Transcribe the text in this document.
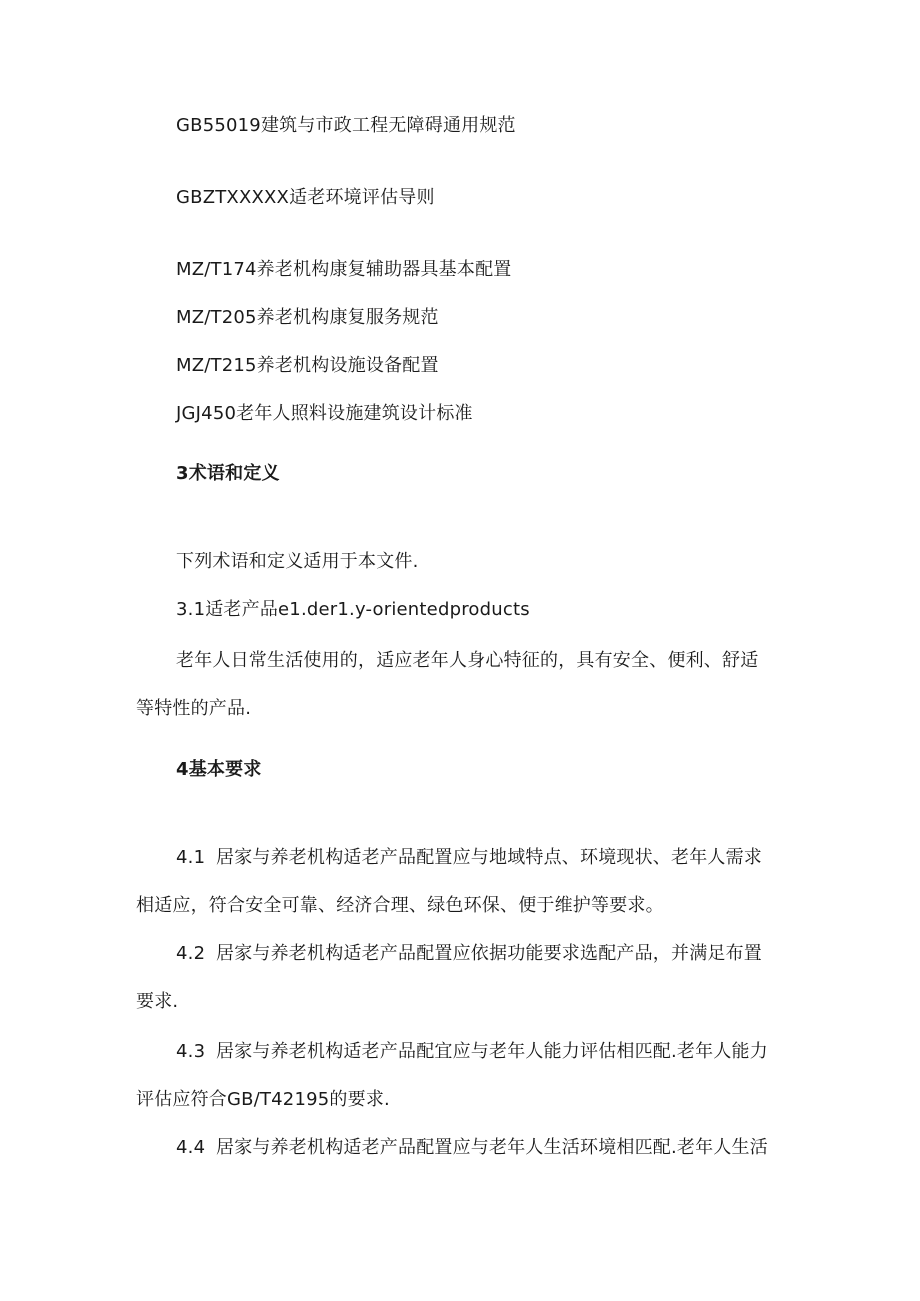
GB55019建筑与市政工程无障碍通用规范
GBZTXXXXX适老环境评估导则
MZ/T174养老机构康复辅助器具基本配置
MZ/T205养老机构康复服务规范
MZ/T215养老机构设施设备配置
JGJ450老年人照料设施建筑设计标准
3术语和定义
下列术语和定义适用于本文件.
3.1适老产品e1.der1.y-orientedproducts
老年人日常生活使用的，适应老年人身心特征的，具有安全、便利、舒适
等特性的产品.
4基本要求
4.1 居家与养老机构适老产品配置应与地域特点、环境现状、老年人需求
相适应，符合安全可靠、经济合理、绿色环保、便于维护等要求。
4.2 居家与养老机构适老产品配置应依据功能要求选配产品，并满足布置
要求.
4.3 居家与养老机构适老产品配宜应与老年人能力评估相匹配.老年人能力
评估应符合GB/T42195的要求.
4.4 居家与养老机构适老产品配置应与老年人生活环境相匹配.老年人生活
